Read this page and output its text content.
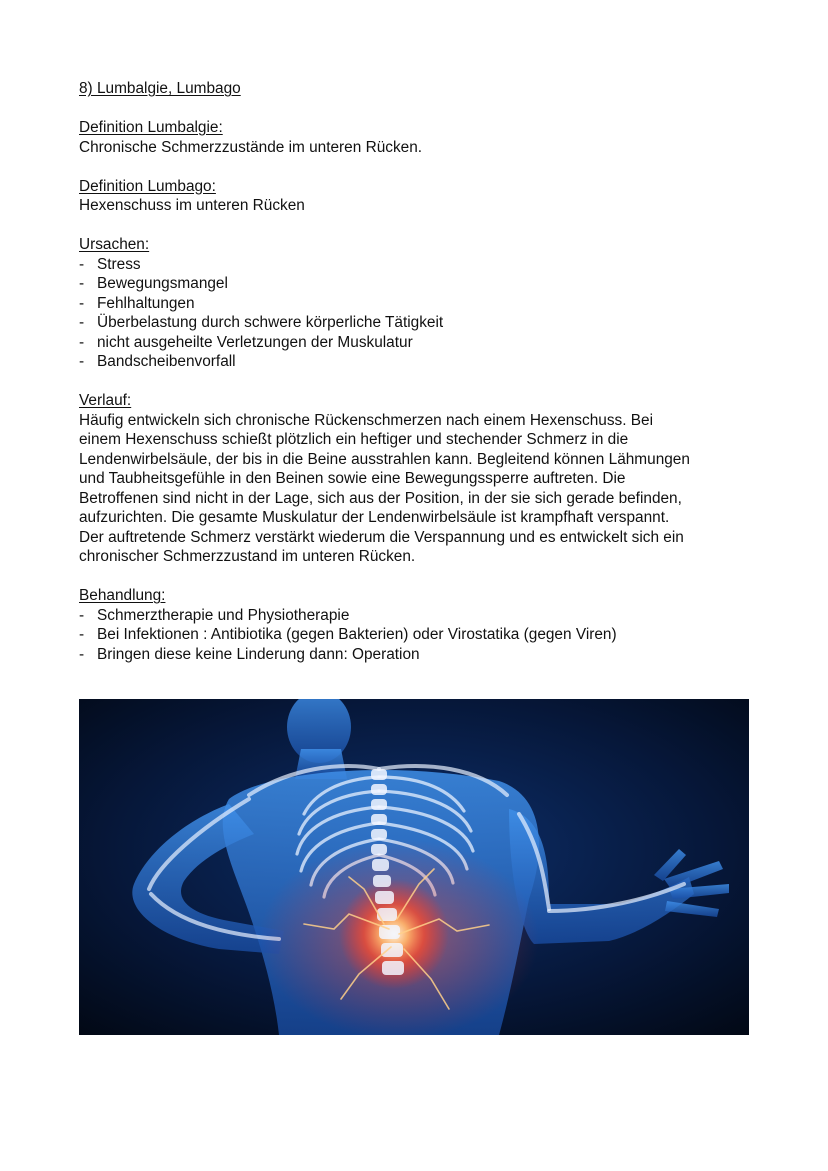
8) Lumbalgie, Lumbago
Definition Lumbalgie:
Chronische Schmerzzustände im unteren Rücken.
Definition Lumbago:
Hexenschuss im unteren Rücken
Ursachen:
- Stress
- Bewegungsmangel
- Fehlhaltungen
- Überbelastung durch schwere körperliche Tätigkeit
- nicht ausgeheilte Verletzungen der Muskulatur
- Bandscheibenvorfall
Verlauf:
Häufig entwickeln sich chronische Rückenschmerzen nach einem Hexenschuss. Bei
einem Hexenschuss schießt plötzlich ein heftiger und stechender Schmerz in die
Lendenwirbelsäule, der bis in die Beine ausstrahlen kann. Begleitend können Lähmungen
und Taubheitsgefühle in den Beinen sowie eine Bewegungssperre auftreten. Die
Betroffenen sind nicht in der Lage, sich aus der Position, in der sie sich gerade befinden,
aufzurichten. Die gesamte Muskulatur der Lendenwirbelsäule ist krampfhaft verspannt.
Der auftretende Schmerz verstärkt wiederum die Verspannung und es entwickelt sich ein
chronischer Schmerzzustand im unteren Rücken.
Behandlung:
- Schmerztherapie und Physiotherapie
- Bei Infektionen : Antibiotika (gegen Bakterien) oder Virostatika (gegen Viren)
- Bringen diese keine Linderung dann: Operation
